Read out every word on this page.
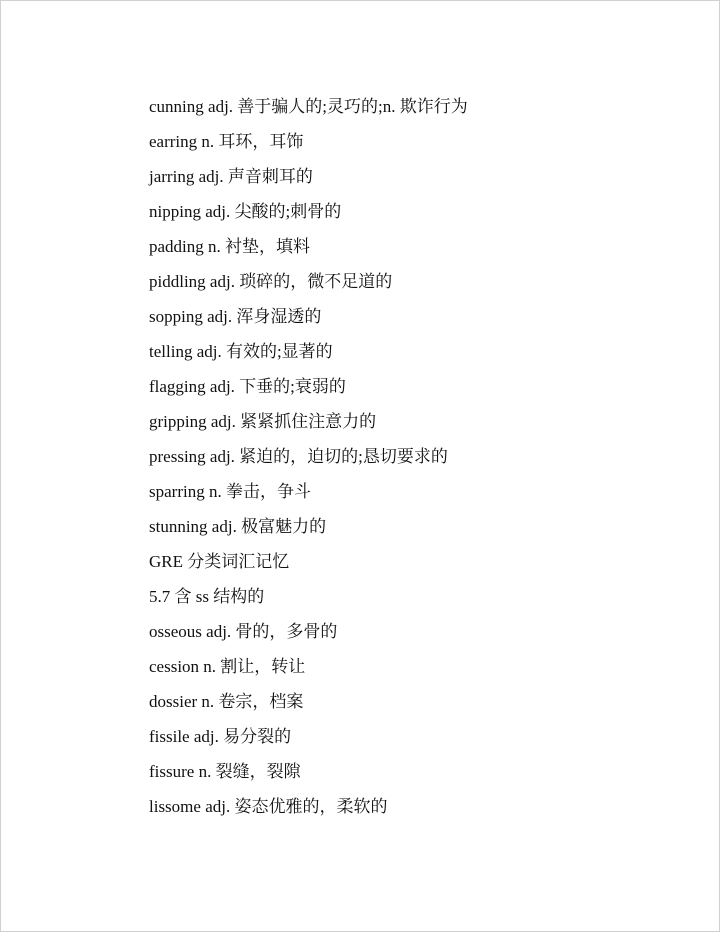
cunning adj. 善于骗人的;灵巧的;n. 欺诈行为
earring n. 耳环，耳饰
jarring adj. 声音刺耳的
nipping adj. 尖酸的;刺骨的
padding n. 衬垫，填料
piddling adj. 琐碎的，微不足道的
sopping adj. 浑身湿透的
telling adj. 有效的;显著的
flagging adj. 下垂的;衰弱的
gripping adj. 紧紧抓住注意力的
pressing adj. 紧迫的，迫切的;恳切要求的
sparring n. 拳击，争斗
stunning adj. 极富魅力的
GRE 分类词汇记忆
5.7 含 ss 结构的
osseous adj. 骨的，多骨的
cession n. 割让，转让
dossier n. 卷宗，档案
fissile adj. 易分裂的
fissure n. 裂缝，裂隙
lissome adj. 姿态优雅的，柔软的
